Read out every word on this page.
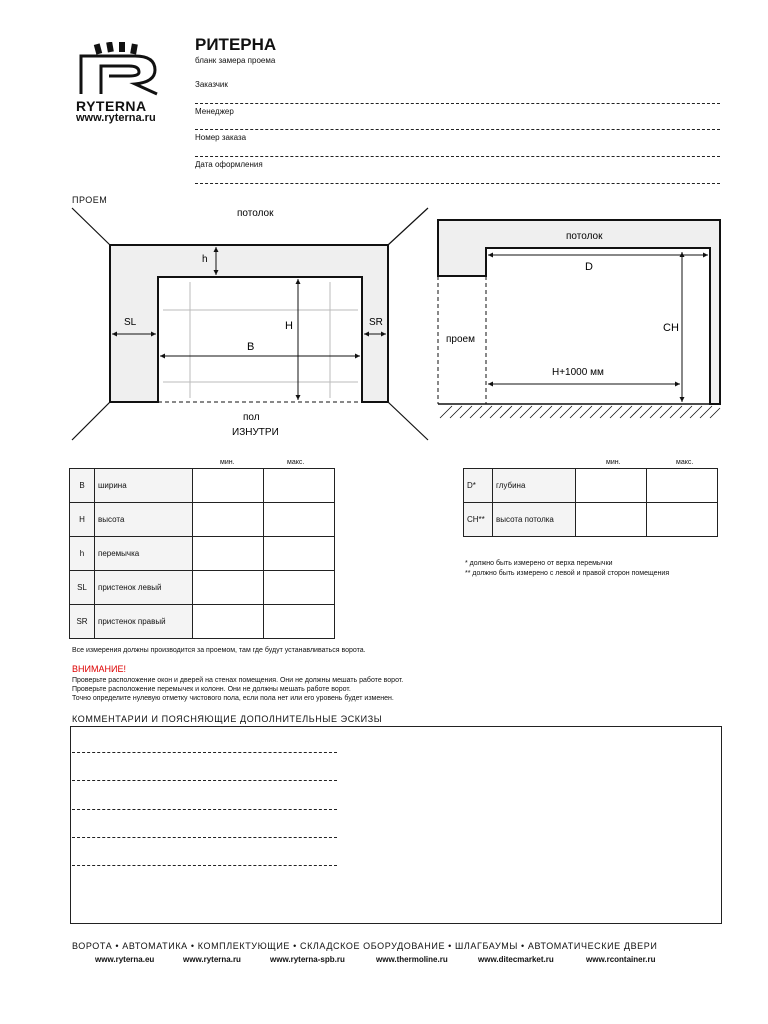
RYTERNA
www.ryterna.ru
РИТЕРНА
бланк замера проема
Заказчик
Менеджер
Номер заказа
Дата оформления
ПРОЕМ
потолок
h
SL	SR
H
B
пол
ИЗНУТРИ
потолок
D
проем
CH
H+1000 мм
мин.	макс.
B	ширина		
H	высота		
h	перемычка		
SL	пристенок левый		
SR	пристенок правый		
мин.	макс.
D*	глубина		
CH**	высота потолка		
* должно быть измерено от верха перемычки
** должно быть измерено с левой и правой сторон помещения
Все измерения должны производится за проемом, там где будут устанавливаться ворота.
ВНИМАНИЕ!
Проверьте расположение окон и дверей на стенах помещения. Они не должны мешать работе ворот.
Проверьте расположение перемычек и колонн. Они не должны мешать работе ворот.
Точно определите нулевую отметку чистового пола, если пола нет или его уровень будет изменен.
КОММЕНТАРИИ И ПОЯСНЯЮЩИЕ ДОПОЛНИТЕЛЬНЫЕ ЭСКИЗЫ
ВОРОТА • АВТОМАТИКА • КОМПЛЕКТУЮЩИЕ • СКЛАДСКОЕ ОБОРУДОВАНИЕ • ШЛАГБАУМЫ • АВТОМАТИЧЕСКИЕ ДВЕРИ
www.ryterna.eu	www.ryterna.ru	www.ryterna-spb.ru	www.thermoline.ru	www.ditecmarket.ru	www.rcontainer.ru
